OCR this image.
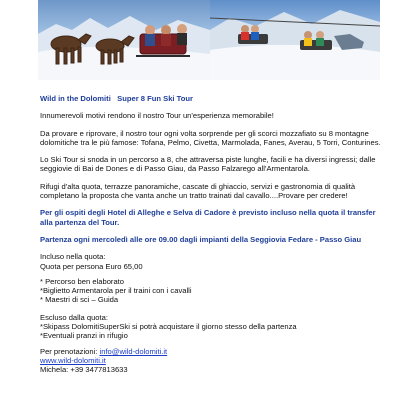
Wild in the Dolomiti Super 8 Fun Ski Tour

Innumerevoli motivi rendono il nostro Tour un'esperienza memorabile!

Da provare e riprovare, il nostro tour ogni volta sorprende per gli scorci mozzafiato su 8 montagne dolomitiche tra le più famose: Tofana, Pelmo, Civetta, Marmolada, Fanes, Averau, 5 Torri, Conturines.

Lo Ski Tour si snoda in un percorso a 8, che attraversa piste lunghe, facili e ha diversi ingressi; dalle seggiovie di Bai de Dones e di Passo Giau, da Passo Falzarego all'Armentarola.

Rifugi d'alta quota, terrazze panoramiche, cascate di ghiaccio, servizi e gastronomia di qualità completano la proposta che vanta anche un tratto trainati dal cavallo....Provare per credere!

Per gli ospiti degli Hotel di Alleghe e Selva di Cadore è previsto incluso nella quota il transfer alla partenza del Tour.

Partenza ogni mercoledì alle ore 09.00 dagli impianti della Seggiovia Fedare - Passo Giau

Incluso nella quota:

Quota per persona Euro 65,00

* Percorso ben elaborato

*Biglietto Armentarola per il traini con i cavalli

* Maestri di sci – Guida

Escluso dalla quota:

*Skipass DolomitiSuperSki si potrà acquistare il giorno stesso della partenza

*Eventuali pranzi in rifugio

Per prenotazioni: info@wild-dolomiti.it

www.wild-dolomiti.it

Michela: +39 3477813633
